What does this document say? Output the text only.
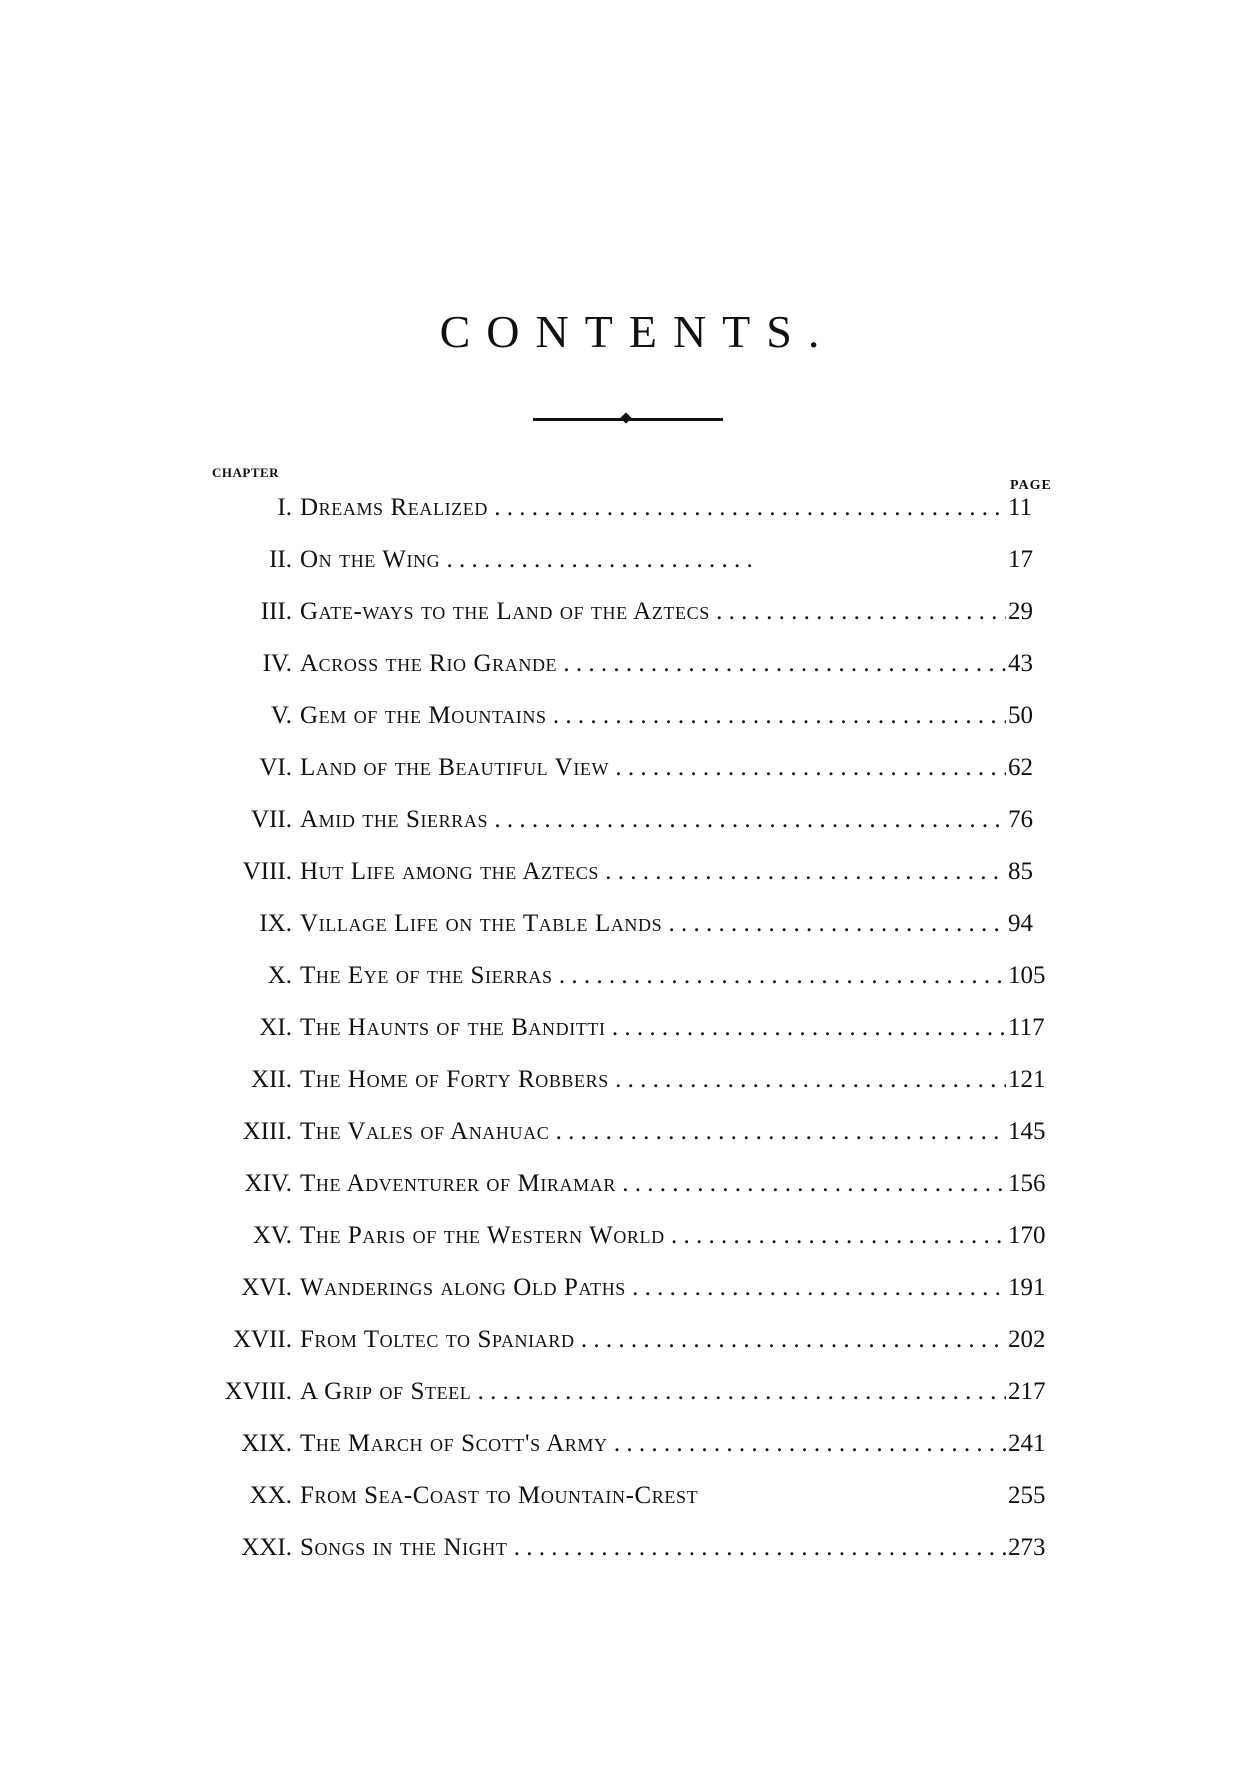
CONTENTS.
CHAPTER
PAGE
I. Dreams Realized . . .	11
II. On the Wing . . .	17
III. Gate-ways to the Land of the Aztecs . . .	29
IV. Across the Rio Grande . . .	43
V. Gem of the Mountains . . .	50
VI. Land of the Beautiful View . . .	62
VII. Amid the Sierras . . .	76
VIII. Hut Life among the Aztecs . . .	85
IX. Village Life on the Table Lands . . .	94
X. The Eye of the Sierras . . .	105
XI. The Haunts of the Banditti . . .	117
XII. The Home of Forty Robbers . . .	121
XIII. The Vales of Anahuac . . .	145
XIV. The Adventurer of Miramar . . .	156
XV. The Paris of the Western World . . .	170
XVI. Wanderings along Old Paths . . .	191
XVII. From Toltec to Spaniard . . .	202
XVIII. A Grip of Steel . . .	217
XIX. The March of Scott's Army . . .	241
XX. From Sea-Coast to Mountain-Crest	255
XXI. Songs in the Night . . .	273
